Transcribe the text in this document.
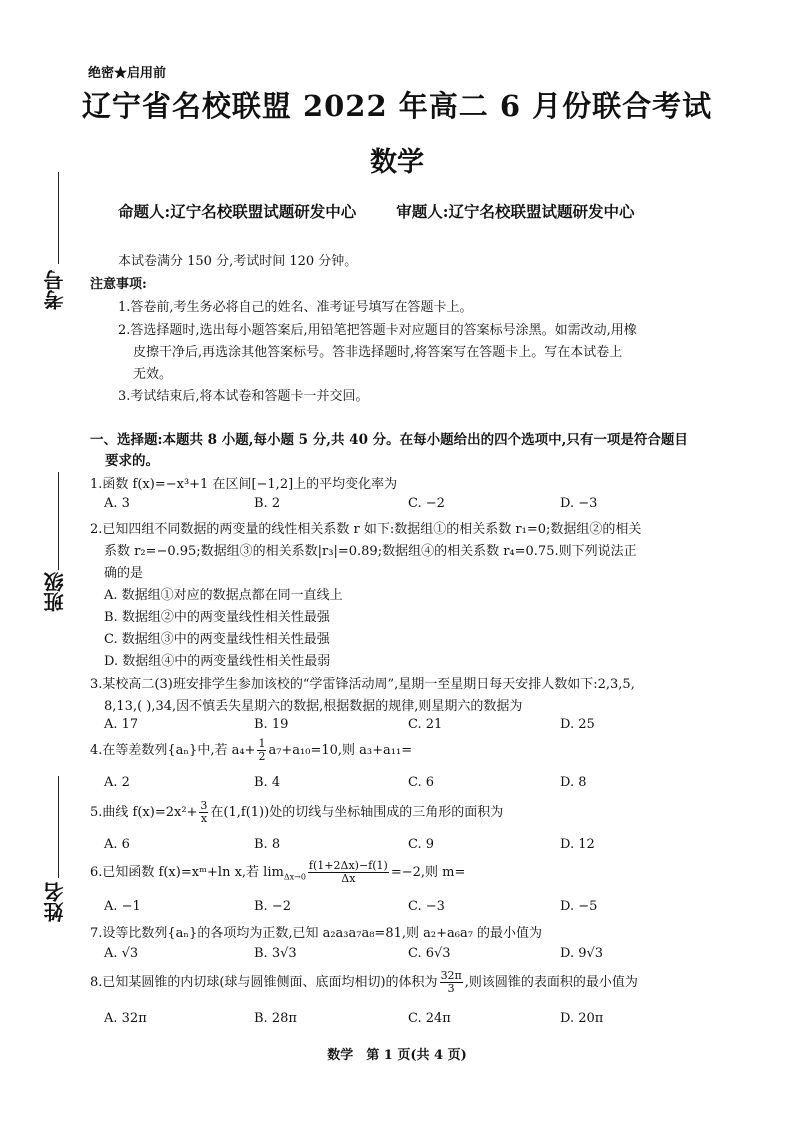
绝密★启用前
辽宁省名校联盟 2022 年高二 6 月份联合考试
数学
命题人:辽宁名校联盟试题研发中心	审题人:辽宁名校联盟试题研发中心
考号
班级
姓名
本试卷满分 150 分,考试时间 120 分钟。
注意事项:
1.答卷前,考生务必将自己的姓名、准考证号填写在答题卡上。
2.答选择题时,选出每小题答案后,用铅笔把答题卡对应题目的答案标号涂黑。如需改动,用橡
皮擦干净后,再选涂其他答案标号。答非选择题时,将答案写在答题卡上。写在本试卷上
无效。
3.考试结束后,将本试卷和答题卡一并交回。
一、选择题:本题共 8 小题,每小题 5 分,共 40 分。在每小题给出的四个选项中,只有一项是符合题目
要求的。
1.函数 f(x)=−x³+1 在区间[−1,2]上的平均变化率为
A. 3	B. 2	C. −2	D. −3
2.已知四组不同数据的两变量的线性相关系数 r 如下:数据组①的相关系数 r₁=0;数据组②的相关
系数 r₂=−0.95;数据组③的相关系数|r₃|=0.89;数据组④的相关系数 r₄=0.75.则下列说法正
确的是
A. 数据组①对应的数据点都在同一直线上
B. 数据组②中的两变量线性相关性最强
C. 数据组③中的两变量线性相关性最强
D. 数据组④中的两变量线性相关性最弱
3.某校高二(3)班安排学生参加该校的“学雷锋活动周”,星期一至星期日每天安排人数如下:2,3,5,
8,13,( ),34,因不慎丢失星期六的数据,根据数据的规律,则星期六的数据为
A. 17	B. 19	C. 21	D. 25
4.在等差数列{aₙ}中,若 $a_4+ \frac{1}{2} a_7+a_{10}=10$,则 a₃+a₁₁=
A. 2	B. 4	C. 6	D. 8
5.曲线 $f(x)=2x^2+ \frac{3}{x}$ 在(1,f(1))处的切线与坐标轴围成的三角形的面积为
A. 6	B. 8	C. 9	D. 12
6.已知函数 f(x)=xᵐ+ln x,若 $\lim_{\Delta x\to 0} \frac{f(1+2\Delta x)-f(1)}{\Delta x} =-2$,则 m=
A. −1	B. −2	C. −3	D. −5
7.设等比数列{aₙ}的各项均为正数,已知 a₂a₃a₇a₈=81,则 a₂+a₆a₇ 的最小值为
A. √3	B. 3√3	C. 6√3	D. 9√3
8.已知某圆锥的内切球(球与圆锥侧面、底面均相切)的体积为 $\frac{32\pi}{3}$ ,则该圆锥的表面积的最小值为
A. 32π	B. 28π	C. 24π	D. 20π
数学　第 1 页(共 4 页)
